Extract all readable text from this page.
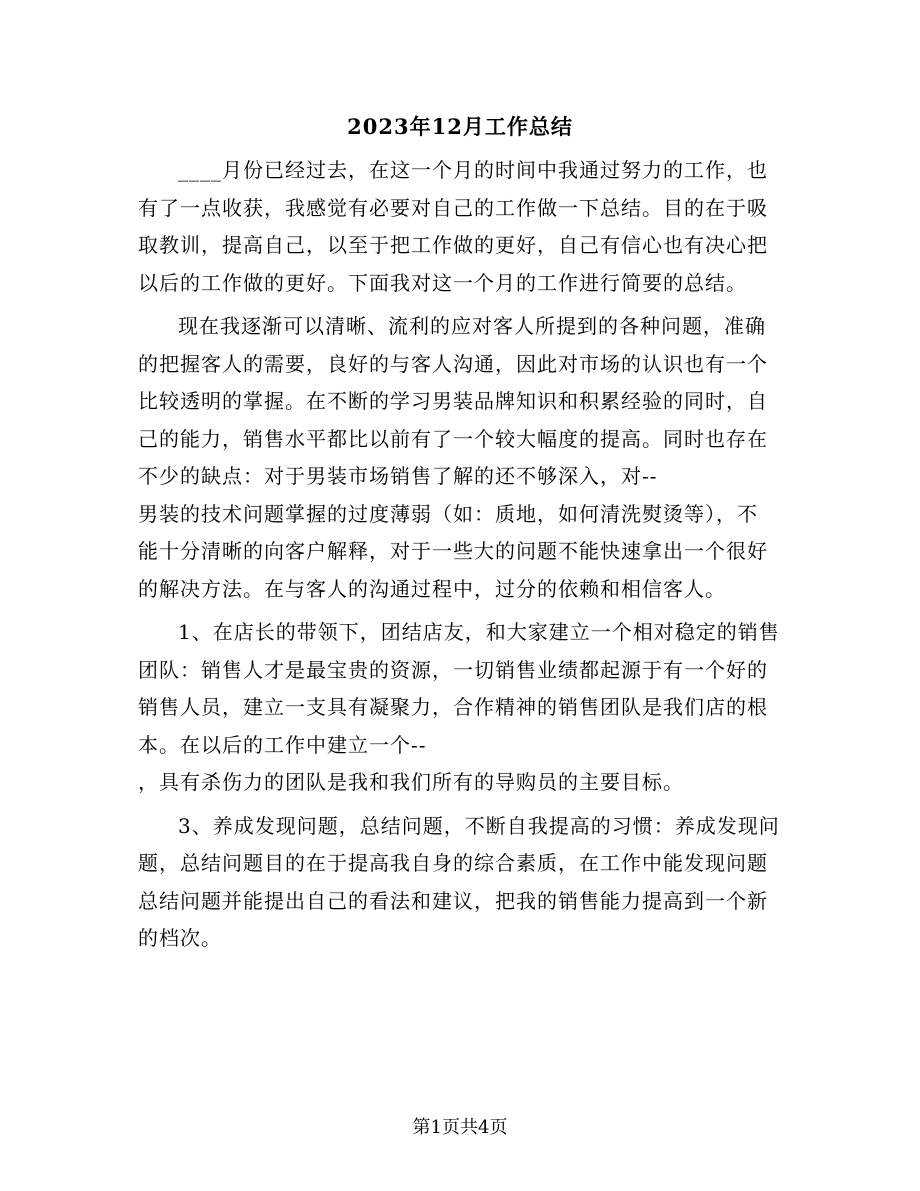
2023年12月工作总结

____月份已经过去，在这一个月的时间中我通过努力的工作，也
有了一点收获，我感觉有必要对自己的工作做一下总结。目的在于吸
取教训，提高自己，以至于把工作做的更好，自己有信心也有决心把
以后的工作做的更好。下面我对这一个月的工作进行简要的总结。

现在我逐渐可以清晰、流利的应对客人所提到的各种问题，准确
的把握客人的需要，良好的与客人沟通，因此对市场的认识也有一个
比较透明的掌握。在不断的学习男装品牌知识和积累经验的同时，自
己的能力，销售水平都比以前有了一个较大幅度的提高。同时也存在
不少的缺点：对于男装市场销售了解的还不够深入，对--
男装的技术问题掌握的过度薄弱（如：质地，如何清洗熨烫等），不
能十分清晰的向客户解释，对于一些大的问题不能快速拿出一个很好
的解决方法。在与客人的沟通过程中，过分的依赖和相信客人。

1、在店长的带领下，团结店友，和大家建立一个相对稳定的销售
团队：销售人才是最宝贵的资源，一切销售业绩都起源于有一个好的
销售人员，建立一支具有凝聚力，合作精神的销售团队是我们店的根
本。在以后的工作中建立一个--
，具有杀伤力的团队是我和我们所有的导购员的主要目标。

3、养成发现问题，总结问题，不断自我提高的习惯：养成发现问
题，总结问题目的在于提高我自身的综合素质，在工作中能发现问题
总结问题并能提出自己的看法和建议，把我的销售能力提高到一个新
的档次。

第1页共4页
